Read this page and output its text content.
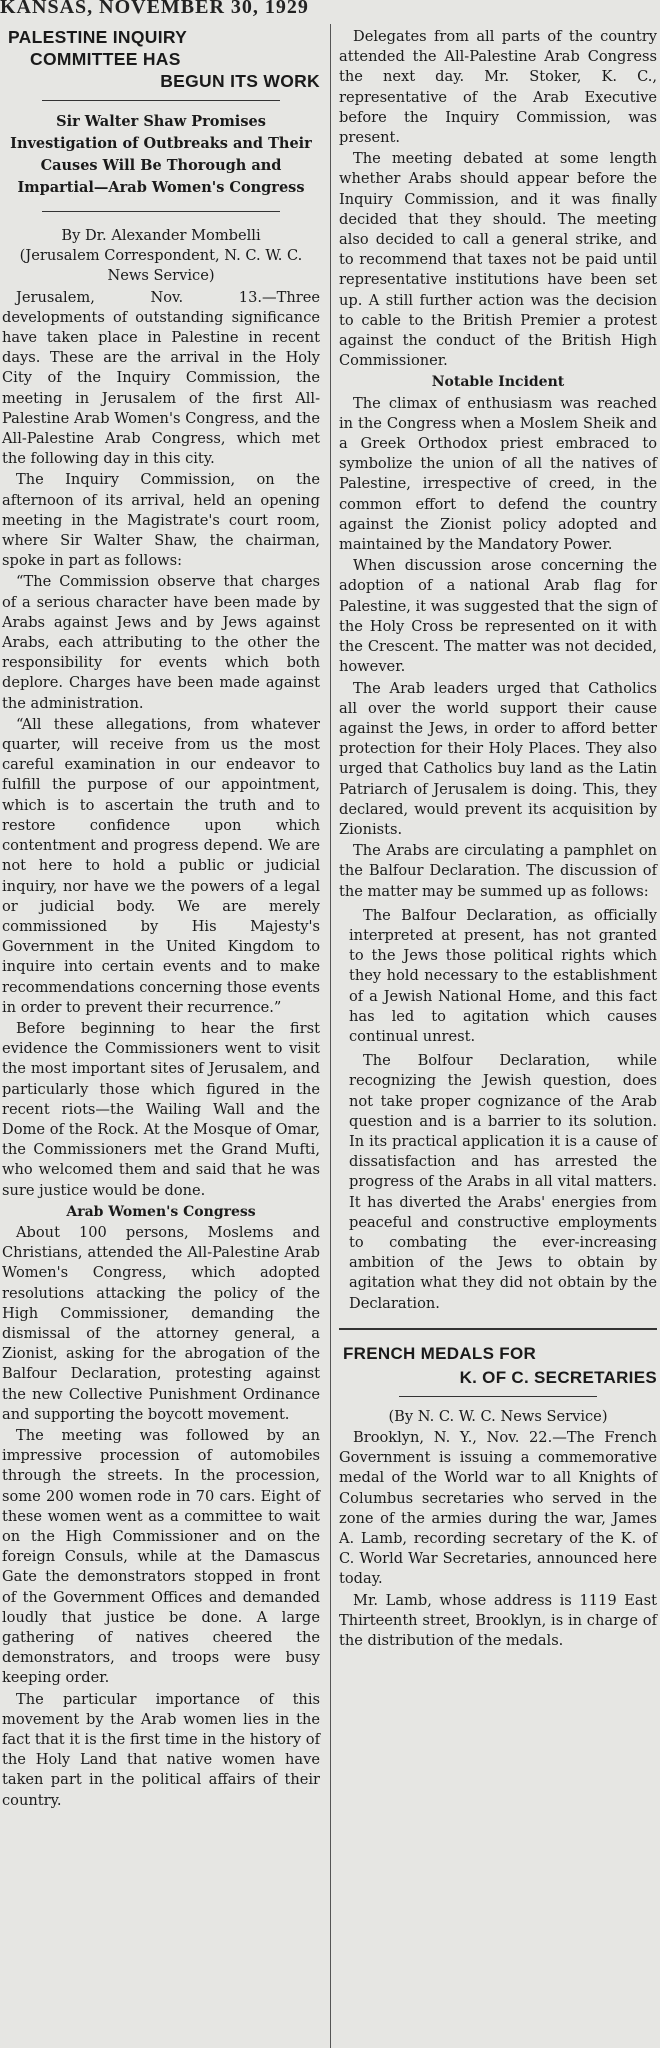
KANSAS, NOVEMBER 30, 1929
PALESTINE INQUIRY
COMMITTEE HAS
BEGUN ITS WORK
Sir Walter Shaw Promises Investigation of Outbreaks and Their Causes Will Be Thorough and Impartial—Arab Women's Congress

By Dr. Alexander Mombelli

(Jerusalem Correspondent, N. C. W. C. News Service)

Jerusalem, Nov. 13.—Three developments of outstanding significance have taken place in Palestine in recent days. These are the arrival in the Holy City of the Inquiry Commission, the meeting in Jerusalem of the first All-Palestine Arab Women's Congress, and the All-Palestine Arab Congress, which met the following day in this city.

The Inquiry Commission, on the afternoon of its arrival, held an opening meeting in the Magistrate's court room, where Sir Walter Shaw, the chairman, spoke in part as follows:

“The Commission observe that charges of a serious character have been made by Arabs against Jews and by Jews against Arabs, each attributing to the other the responsibility for events which both deplore. Charges have been made against the administration.

“All these allegations, from whatever quarter, will receive from us the most careful examination in our endeavor to fulfill the purpose of our appointment, which is to ascertain the truth and to restore confidence upon which contentment and progress depend. We are not here to hold a public or judicial inquiry, nor have we the powers of a legal or judicial body. We are merely commissioned by His Majesty's Government in the United Kingdom to inquire into certain events and to make recommendations concerning those events in order to prevent their recurrence.”

Before beginning to hear the first evidence the Commissioners went to visit the most important sites of Jerusalem, and particularly those which figured in the recent riots—the Wailing Wall and the Dome of the Rock. At the Mosque of Omar, the Commissioners met the Grand Mufti, who welcomed them and said that he was sure justice would be done.

Arab Women's Congress

About 100 persons, Moslems and Christians, attended the All-Palestine Arab Women's Congress, which adopted resolutions attacking the policy of the High Commissioner, demanding the dismissal of the attorney general, a Zionist, asking for the abrogation of the Balfour Declaration, protesting against the new Collective Punishment Ordinance and supporting the boycott movement.

The meeting was followed by an impressive procession of automobiles through the streets. In the procession, some 200 women rode in 70 cars. Eight of these women went as a committee to wait on the High Commissioner and on the foreign Consuls, while at the Damascus Gate the demonstrators stopped in front of the Government Offices and demanded loudly that justice be done. A large gathering of natives cheered the demonstrators, and troops were busy keeping order.

The particular importance of this movement by the Arab women lies in the fact that it is the first time in the history of the Holy Land that native women have taken part in the political affairs of their country.

Delegates from all parts of the country attended the All-Palestine Arab Congress the next day. Mr. Stoker, K. C., representative of the Arab Executive before the Inquiry Commission, was present.

The meeting debated at some length whether Arabs should appear before the Inquiry Commission, and it was finally decided that they should. The meeting also decided to call a general strike, and to recommend that taxes not be paid until representative institutions have been set up. A still further action was the decision to cable to the British Premier a protest against the conduct of the British High Commissioner.

Notable Incident

The climax of enthusiasm was reached in the Congress when a Moslem Sheik and a Greek Orthodox priest embraced to symbolize the union of all the natives of Palestine, irrespective of creed, in the common effort to defend the country against the Zionist policy adopted and maintained by the Mandatory Power.

When discussion arose concerning the adoption of a national Arab flag for Palestine, it was suggested that the sign of the Holy Cross be represented on it with the Crescent. The matter was not decided, however.

The Arab leaders urged that Catholics all over the world support their cause against the Jews, in order to afford better protection for their Holy Places. They also urged that Catholics buy land as the Latin Patriarch of Jerusalem is doing. This, they declared, would prevent its acquisition by Zionists.

The Arabs are circulating a pamphlet on the Balfour Declaration. The discussion of the matter may be summed up as follows:

The Balfour Declaration, as officially interpreted at present, has not granted to the Jews those political rights which they hold necessary to the establishment of a Jewish National Home, and this fact has led to agitation which causes continual unrest.

The Bolfour Declaration, while recognizing the Jewish question, does not take proper cognizance of the Arab question and is a barrier to its solution. In its practical application it is a cause of dissatisfaction and has arrested the progress of the Arabs in all vital matters. It has diverted the Arabs' energies from peaceful and constructive employments to combating the ever-increasing ambition of the Jews to obtain by agitation what they did not obtain by the Declaration.

FRENCH MEDALS FOR
K. OF C. SECRETARIES

(By N. C. W. C. News Service)

Brooklyn, N. Y., Nov. 22.—The French Government is issuing a commemorative medal of the World war to all Knights of Columbus secretaries who served in the zone of the armies during the war, James A. Lamb, recording secretary of the K. of C. World War Secretaries, announced here today.

Mr. Lamb, whose address is 1119 East Thirteenth street, Brooklyn, is in charge of the distribution of the medals.
